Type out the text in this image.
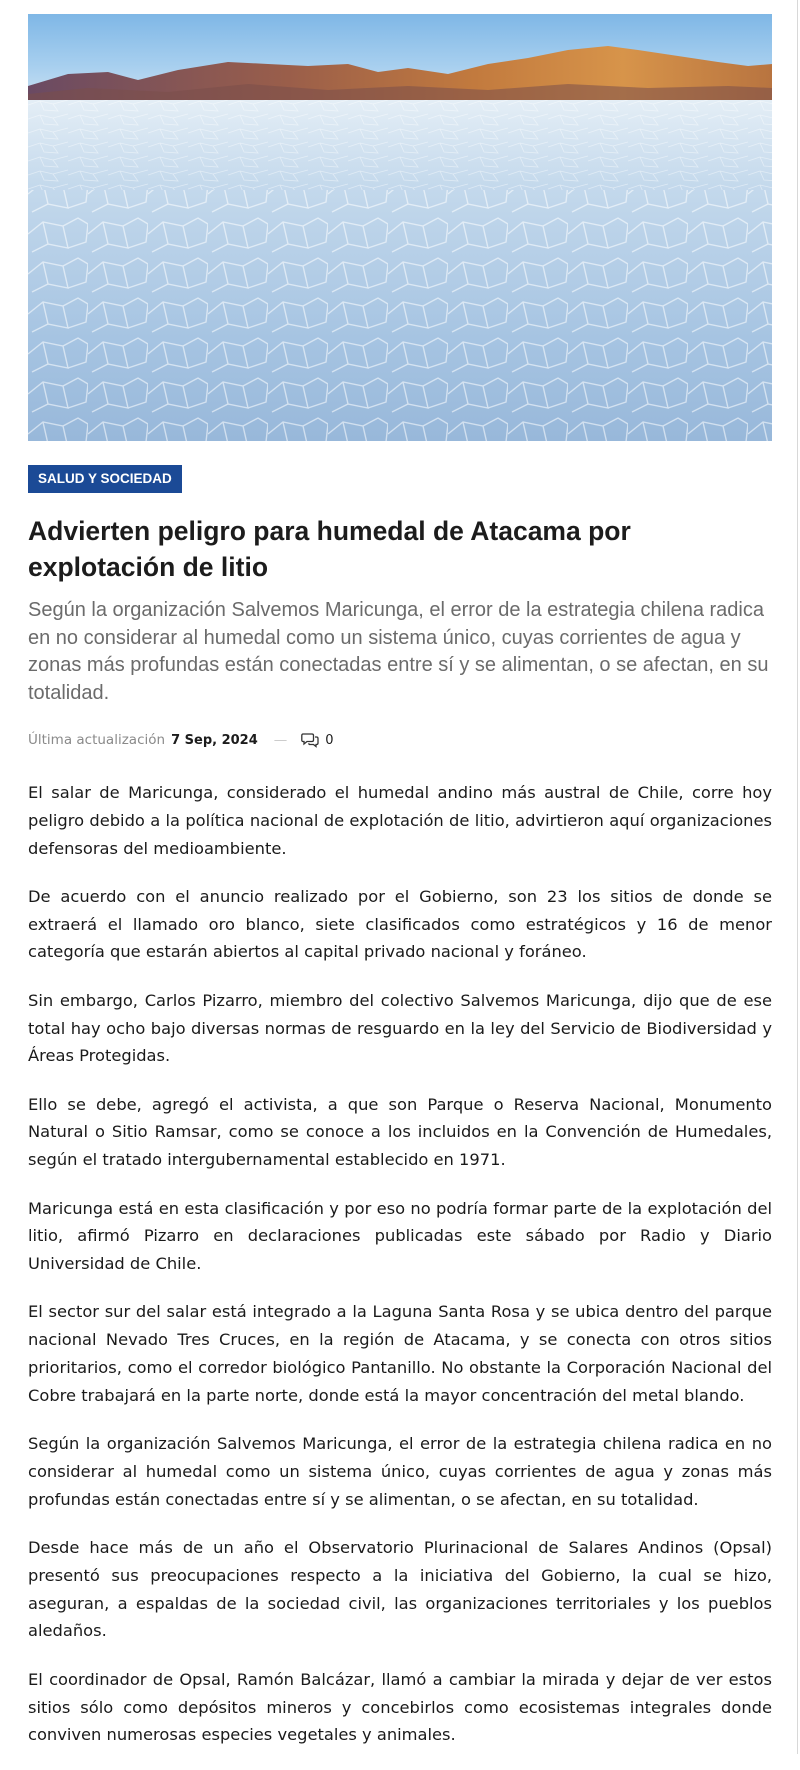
SALUD Y SOCIEDAD
Advierten peligro para humedal de Atacama por explotación de litio
Según la organización Salvemos Maricunga, el error de la estrategia chilena radica en no considerar al humedal como un sistema único, cuyas corrientes de agua y zonas más profundas están conectadas entre sí y se alimentan, o se afectan, en su totalidad.
Última actualización 7 Sep, 2024 —	0

El salar de Maricunga, considerado el humedal andino más austral de Chile, corre hoy peligro debido a la política nacional de explotación de litio, advirtieron aquí organizaciones defensoras del medioambiente.

De acuerdo con el anuncio realizado por el Gobierno, son 23 los sitios de donde se extraerá el llamado oro blanco, siete clasificados como estratégicos y 16 de menor categoría que estarán abiertos al capital privado nacional y foráneo.

Sin embargo, Carlos Pizarro, miembro del colectivo Salvemos Maricunga, dijo que de ese total hay ocho bajo diversas normas de resguardo en la ley del Servicio de Biodiversidad y Áreas Protegidas.

Ello se debe, agregó el activista, a que son Parque o Reserva Nacional, Monumento Natural o Sitio Ramsar, como se conoce a los incluidos en la Convención de Humedales, según el tratado intergubernamental establecido en 1971.

Maricunga está en esta clasificación y por eso no podría formar parte de la explotación del litio, afirmó Pizarro en declaraciones publicadas este sábado por Radio y Diario Universidad de Chile.

El sector sur del salar está integrado a la Laguna Santa Rosa y se ubica dentro del parque nacional Nevado Tres Cruces, en la región de Atacama, y se conecta con otros sitios prioritarios, como el corredor biológico Pantanillo. No obstante la Corporación Nacional del Cobre trabajará en la parte norte, donde está la mayor concentración del metal blando.

Según la organización Salvemos Maricunga, el error de la estrategia chilena radica en no considerar al humedal como un sistema único, cuyas corrientes de agua y zonas más profundas están conectadas entre sí y se alimentan, o se afectan, en su totalidad.

Desde hace más de un año el Observatorio Plurinacional de Salares Andinos (Opsal) presentó sus preocupaciones respecto a la iniciativa del Gobierno, la cual se hizo, aseguran, a espaldas de la sociedad civil, las organizaciones territoriales y los pueblos aledaños.

El coordinador de Opsal, Ramón Balcázar, llamó a cambiar la mirada y dejar de ver estos sitios sólo como depósitos mineros y concebirlos como ecosistemas integrales donde conviven numerosas especies vegetales y animales.
